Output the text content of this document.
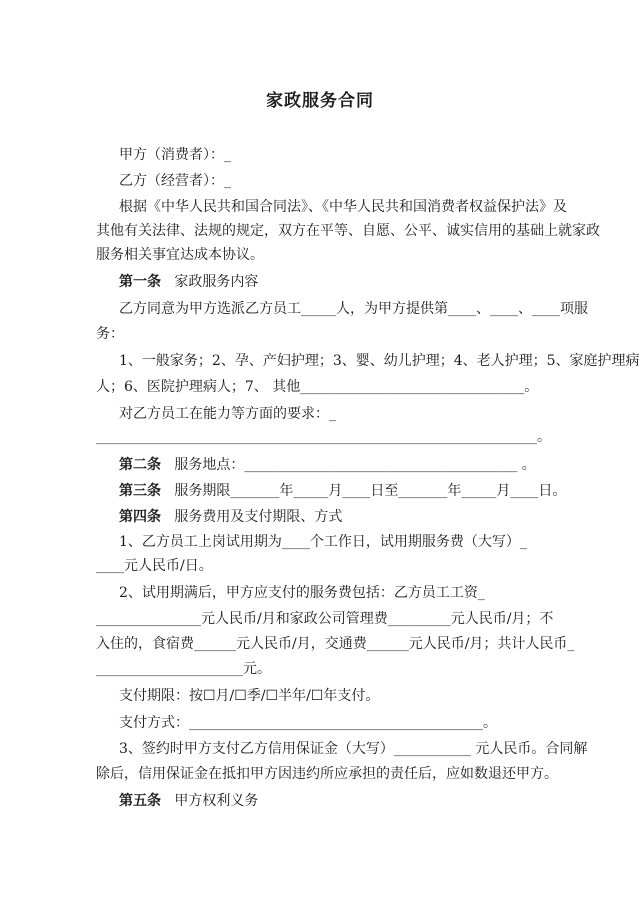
家政服务合同
甲方（消费者）：_
乙方（经营者）：_
根据《中华人民共和国合同法》、《中华人民共和国消费者权益保护法》及
其他有关法律、法规的规定，双方在平等、自愿、公平、诚实信用的基础上就家政
服务相关事宜达成本协议。
第一条 家政服务内容
乙方同意为甲方选派乙方员工_____人，为甲方提供第____、____、____项服
务：
1、一般家务；2、孕、产妇护理；3、婴、幼儿护理；4、老人护理；5、家庭护理病
人；6、医院护理病人；7、 其他________________________________。
对乙方员工在能力等方面的要求：_
_______________________________________________________________。
第二条 服务地点：_______________________________________ 。
第三条 服务期限_______年_____月____日至_______年_____月____日。
第四条 服务费用及支付期限、方式
1、乙方员工上岗试用期为____个工作日，试用期服务费（大写）_
____元人民币/日。
2、试用期满后，甲方应支付的服务费包括：乙方员工工资_
_______________元人民币/月和家政公司管理费_________元人民币/月；不
入住的，食宿费______元人民币/月，交通费______元人民币/月；共计人民币_
_____________________元。
支付期限：按☐月/☐季/☐半年/☐年支付。
支付方式：__________________________________________。
3、签约时甲方支付乙方信用保证金（大写）___________ 元人民币。合同解
除后，信用保证金在抵扣甲方因违约所应承担的责任后，应如数退还甲方。
第五条 甲方权利义务
